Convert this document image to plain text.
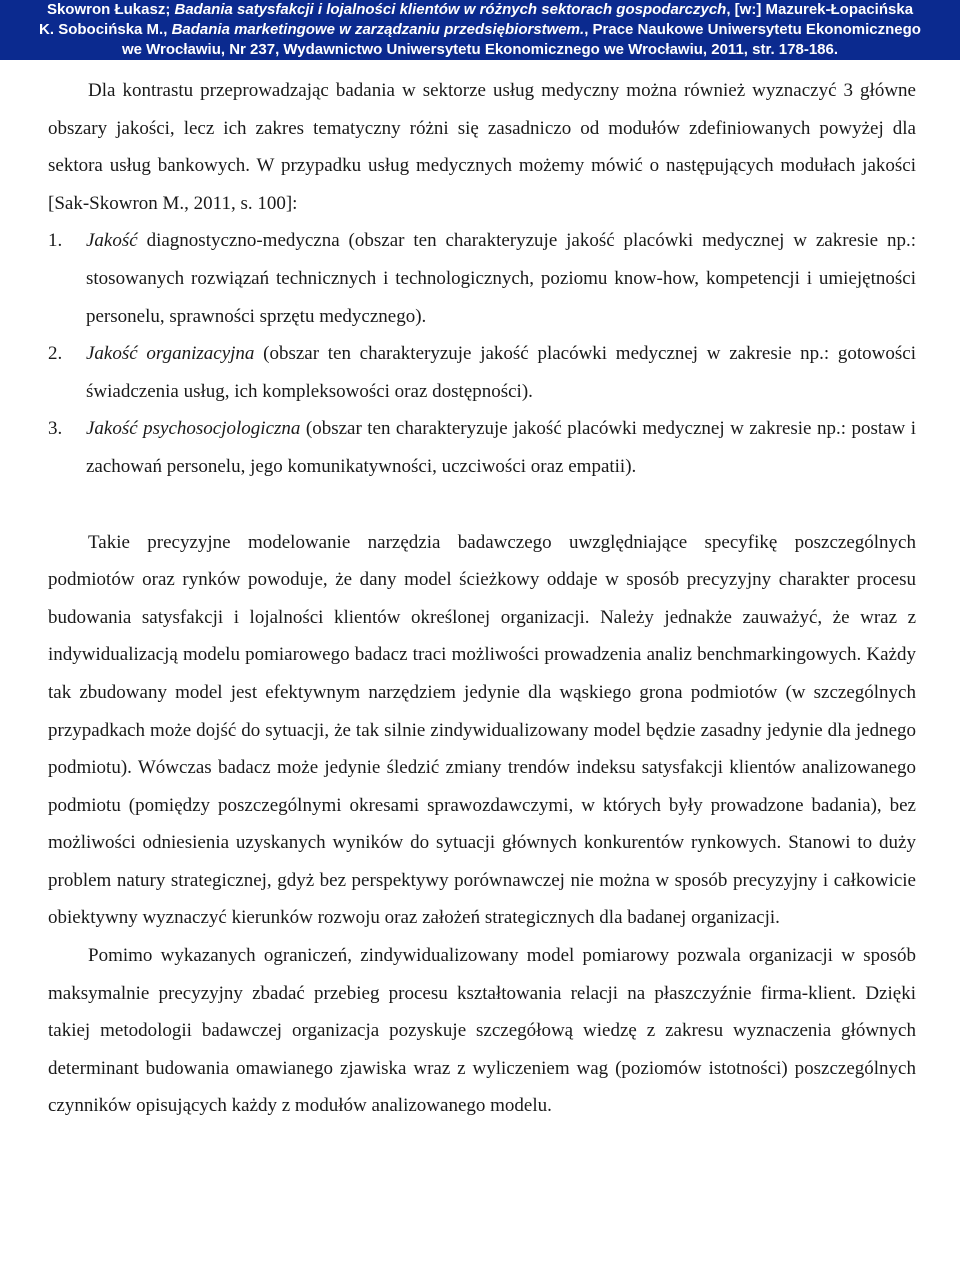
Skowron Łukasz; Badania satysfakcji i lojalności klientów w różnych sektorach gospodarczych, [w:] Mazurek-Łopacińska
K. Sobocińska M., Badania marketingowe w zarządzaniu przedsiębiorstwem., Prace Naukowe Uniwersytetu Ekonomicznego
we Wrocławiu, Nr 237, Wydawnictwo Uniwersytetu Ekonomicznego we Wrocławiu, 2011, str. 178-186.

Dla kontrastu przeprowadzając badania w sektorze usług medyczny można również wyznaczyć 3 główne obszary jakości, lecz ich zakres tematyczny różni się zasadniczo od modułów zdefiniowanych powyżej dla sektora usług bankowych. W przypadku usług medycznych możemy mówić o następujących modułach jakości [Sak-Skowron M., 2011, s. 100]:

1. Jakość diagnostyczno-medyczna (obszar ten charakteryzuje jakość placówki medycznej w zakresie np.: stosowanych rozwiązań technicznych i technologicznych, poziomu know-how, kompetencji i umiejętności personelu, sprawności sprzętu medycznego).
2. Jakość organizacyjna (obszar ten charakteryzuje jakość placówki medycznej w zakresie np.: gotowości świadczenia usług, ich kompleksowości oraz dostępności).
3. Jakość psychosocjologiczna (obszar ten charakteryzuje jakość placówki medycznej w zakresie np.: postaw i zachowań personelu, jego komunikatywności, uczciwości oraz empatii).

Takie precyzyjne modelowanie narzędzia badawczego uwzględniające specyfikę poszczególnych podmiotów oraz rynków powoduje, że dany model ścieżkowy oddaje w sposób precyzyjny charakter procesu budowania satysfakcji i lojalności klientów określonej organizacji. Należy jednakże zauważyć, że wraz z indywidualizacją modelu pomiarowego badacz traci możliwości prowadzenia analiz benchmarkingowych. Każdy tak zbudowany model jest efektywnym narzędziem jedynie dla wąskiego grona podmiotów (w szczególnych przypadkach może dojść do sytuacji, że tak silnie zindywidualizowany model będzie zasadny jedynie dla jednego podmiotu). Wówczas badacz może jedynie śledzić zmiany trendów indeksu satysfakcji klientów analizowanego podmiotu (pomiędzy poszczególnymi okresami sprawozdawczymi, w których były prowadzone badania), bez możliwości odniesienia uzyskanych wyników do sytuacji głównych konkurentów rynkowych. Stanowi to duży problem natury strategicznej, gdyż bez perspektywy porównawczej nie można w sposób precyzyjny i całkowicie obiektywny wyznaczyć kierunków rozwoju oraz założeń strategicznych dla badanej organizacji.

Pomimo wykazanych ograniczeń, zindywidualizowany model pomiarowy pozwala organizacji w sposób maksymalnie precyzyjny zbadać przebieg procesu kształtowania relacji na płaszczyźnie firma-klient. Dzięki takiej metodologii badawczej organizacja pozyskuje szczegółową wiedzę z zakresu wyznaczenia głównych determinant budowania omawianego zjawiska wraz z wyliczeniem wag (poziomów istotności) poszczególnych czynników opisujących każdy z modułów analizowanego modelu.
